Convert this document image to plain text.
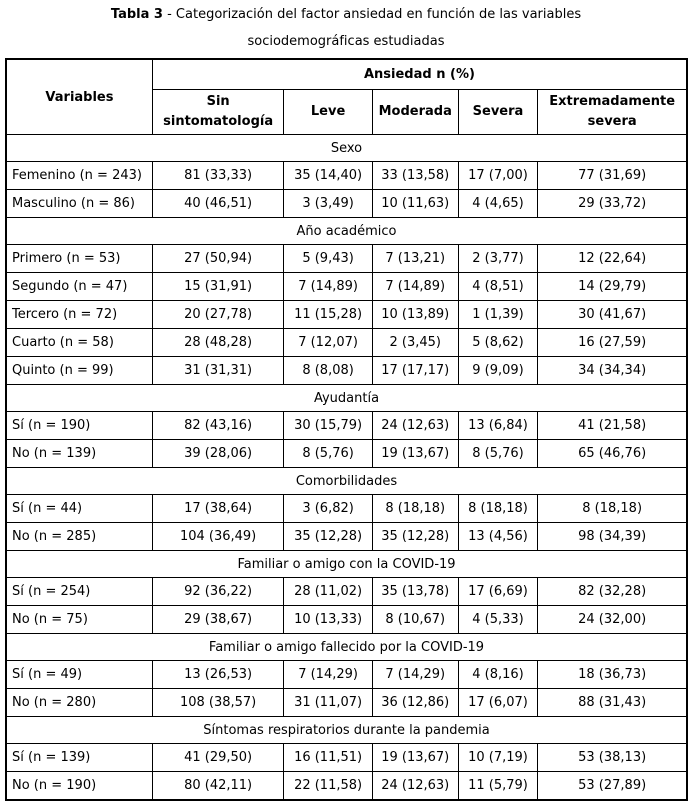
Tabla 3 - Categorización del factor ansiedad en función de las variables
sociodemográficas estudiadas
Variables	Ansiedad n (%)				
	Sin sintomatología	Leve	Moderada	Severa	Extremadamente severa
Sexo					
Femenino (n = 243)	81 (33,33)	35 (14,40)	33 (13,58)	17 (7,00)	77 (31,69)
Masculino (n = 86)	40 (46,51)	3 (3,49)	10 (11,63)	4 (4,65)	29 (33,72)
Año académico					
Primero (n = 53)	27 (50,94)	5 (9,43)	7 (13,21)	2 (3,77)	12 (22,64)
Segundo (n = 47)	15 (31,91)	7 (14,89)	7 (14,89)	4 (8,51)	14 (29,79)
Tercero (n = 72)	20 (27,78)	11 (15,28)	10 (13,89)	1 (1,39)	30 (41,67)
Cuarto (n = 58)	28 (48,28)	7 (12,07)	2 (3,45)	5 (8,62)	16 (27,59)
Quinto (n = 99)	31 (31,31)	8 (8,08)	17 (17,17)	9 (9,09)	34 (34,34)
Ayudantía					
Sí (n = 190)	82 (43,16)	30 (15,79)	24 (12,63)	13 (6,84)	41 (21,58)
No (n = 139)	39 (28,06)	8 (5,76)	19 (13,67)	8 (5,76)	65 (46,76)
Comorbilidades					
Sí (n = 44)	17 (38,64)	3 (6,82)	8 (18,18)	8 (18,18)	8 (18,18)
No (n = 285)	104 (36,49)	35 (12,28)	35 (12,28)	13 (4,56)	98 (34,39)
Familiar o amigo con la COVID-19					
Sí (n = 254)	92 (36,22)	28 (11,02)	35 (13,78)	17 (6,69)	82 (32,28)
No (n = 75)	29 (38,67)	10 (13,33)	8 (10,67)	4 (5,33)	24 (32,00)
Familiar o amigo fallecido por la COVID-19					
Sí (n = 49)	13 (26,53)	7 (14,29)	7 (14,29)	4 (8,16)	18 (36,73)
No (n = 280)	108 (38,57)	31 (11,07)	36 (12,86)	17 (6,07)	88 (31,43)
Síntomas respiratorios durante la pandemia					
Sí (n = 139)	41 (29,50)	16 (11,51)	19 (13,67)	10 (7,19)	53 (38,13)
No (n = 190)	80 (42,11)	22 (11,58)	24 (12,63)	11 (5,79)	53 (27,89)
